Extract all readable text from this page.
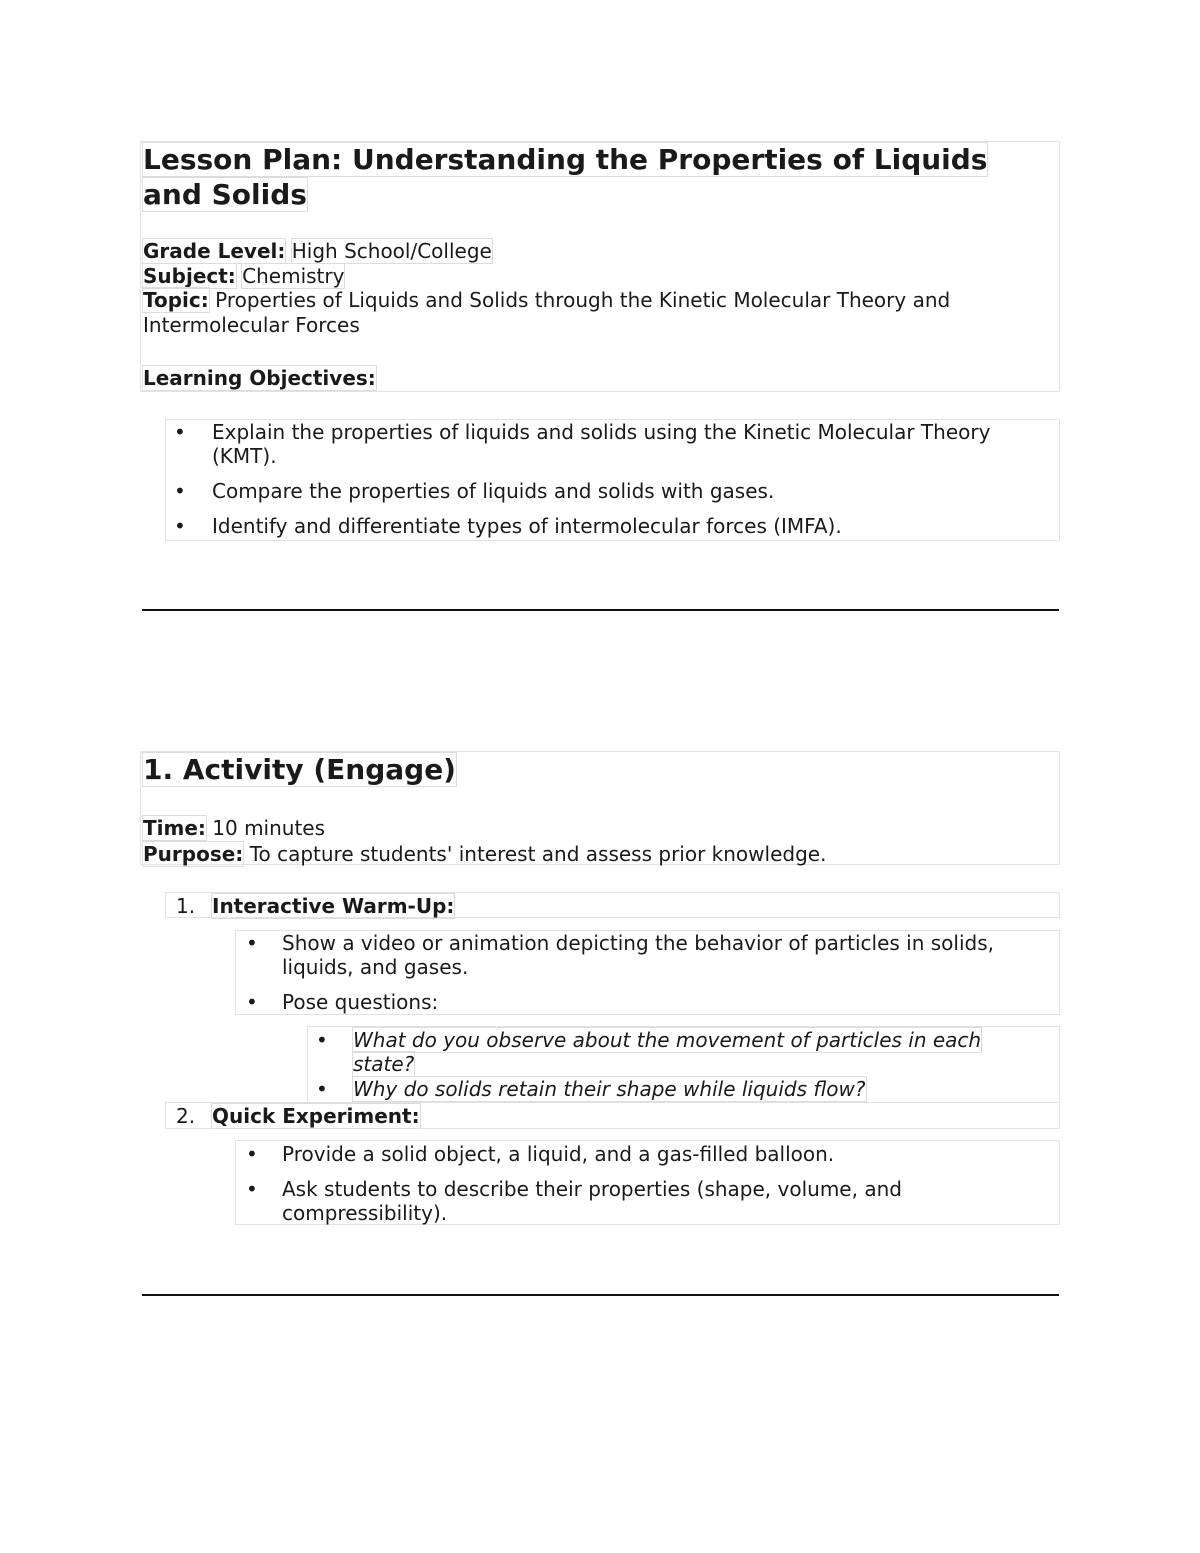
Lesson Plan: Understanding the Properties of Liquids
and Solids
Grade Level: High School/College
Subject: Chemistry
Topic: Properties of Liquids and Solids through the Kinetic Molecular Theory and
Intermolecular Forces
Learning Objectives:
•	Explain the properties of liquids and solids using the Kinetic Molecular Theory
(KMT).
•	Compare the properties of liquids and solids with gases.
•	Identify and differentiate types of intermolecular forces (IMFA).
1. Activity (Engage)
Time: 10 minutes
Purpose: To capture students' interest and assess prior knowledge.
1. Interactive Warm-Up:
•	Show a video or animation depicting the behavior of particles in solids,
liquids, and gases.
•	Pose questions:
•	What do you observe about the movement of particles in each
state?
•	Why do solids retain their shape while liquids flow?
2. Quick Experiment:
•	Provide a solid object, a liquid, and a gas-filled balloon.
•	Ask students to describe their properties (shape, volume, and
compressibility).
